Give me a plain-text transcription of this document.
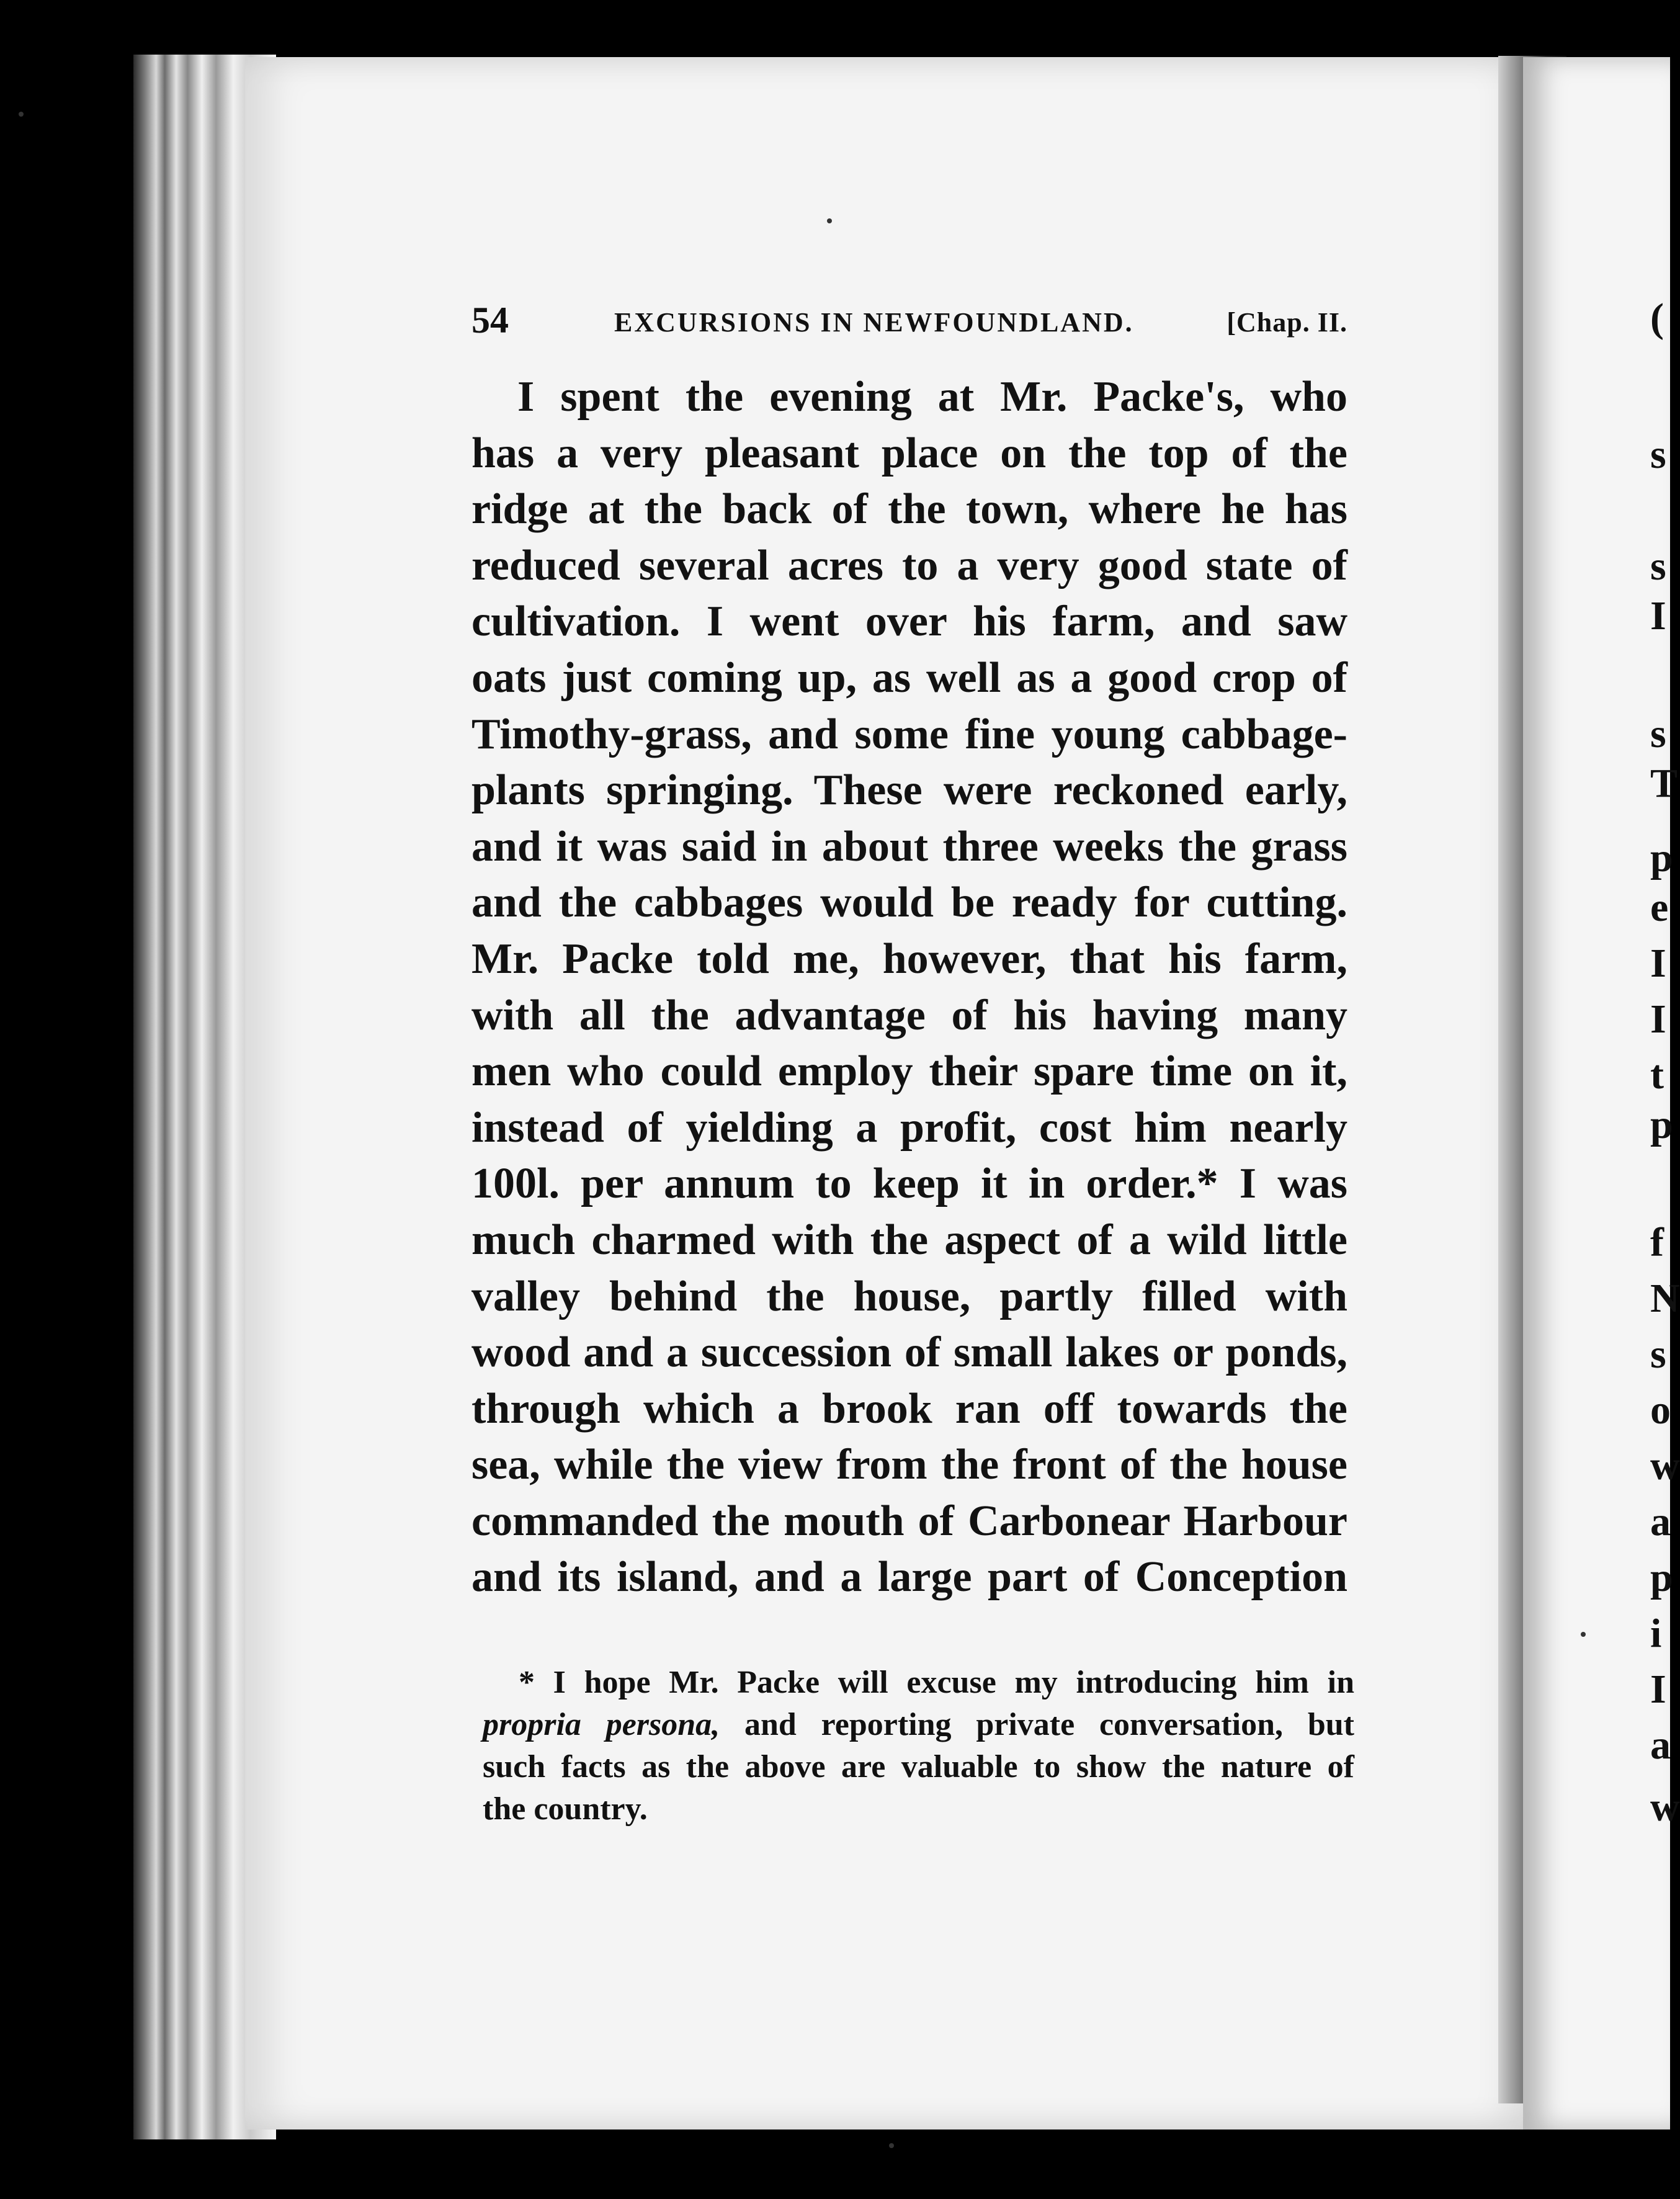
54	EXCURSIONS IN NEWFOUNDLAND.	[Chap. II.
I spent the evening at Mr. Packe's, who
has a very pleasant place on the top of the
ridge at the back of the town, where he has
reduced several acres to a very good state of
cultivation. I went over his farm, and saw
oats just coming up, as well as a good crop of
Timothy-grass, and some fine young cabbage-
plants springing. These were reckoned early,
and it was said in about three weeks the grass
and the cabbages would be ready for cutting.
Mr. Packe told me, however, that his farm,
with all the advantage of his having many
men who could employ their spare time on it,
instead of yielding a profit, cost him nearly
100l. per annum to keep it in order.* I was
much charmed with the aspect of a wild little
valley behind the house, partly filled with
wood and a succession of small lakes or ponds,
through which a brook ran off towards the
sea, while the view from the front of the house
commanded the mouth of Carbonear Harbour
and its island, and a large part of Conception
* I hope Mr. Packe will excuse my introducing him in
propria persona, and reporting private conversation, but
such facts as the above are valuable to show the nature of
the country.
(
s
s
I
s
T
p
e
I
I
t
p
f
N
s
o
w
a
p
i
I
a
w
